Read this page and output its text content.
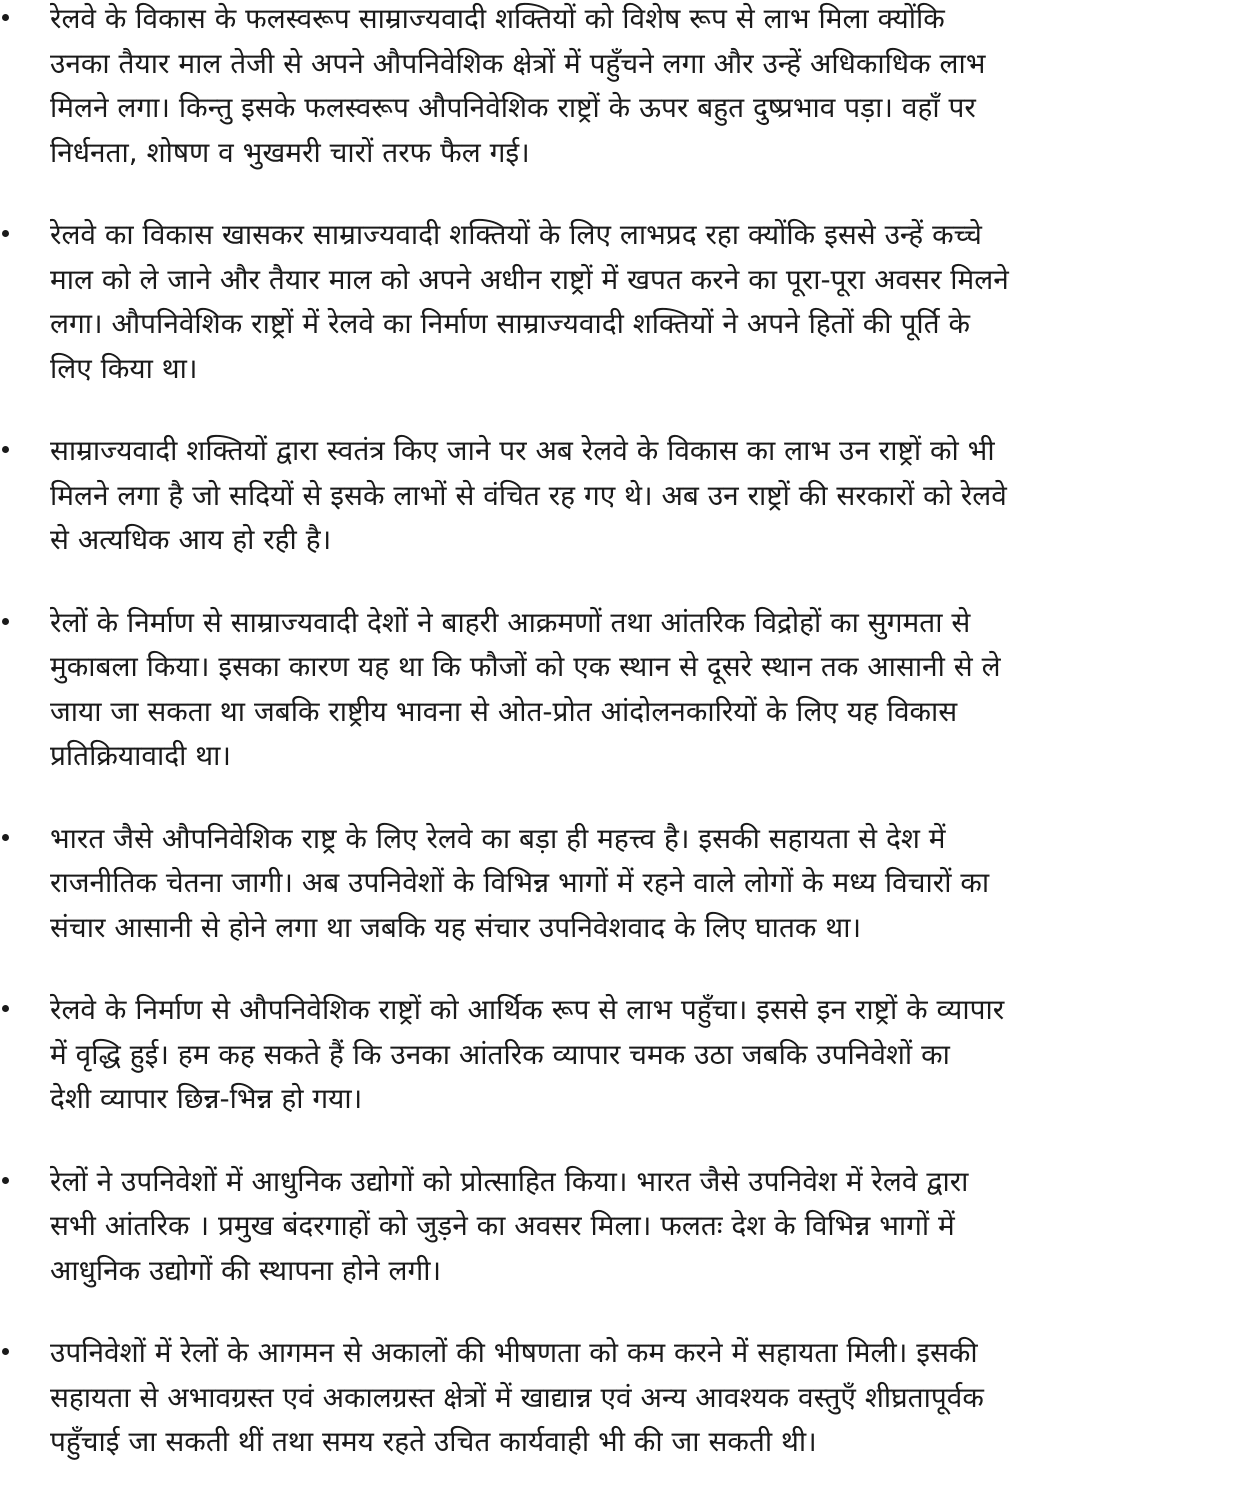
रेलवे के विकास के फलस्वरूप साम्राज्यवादी शक्तियों को विशेष रूप से लाभ मिला क्योंकि
उनका तैयार माल तेजी से अपने औपनिवेशिक क्षेत्रों में पहुँचने लगा और उन्हें अधिकाधिक लाभ
मिलने लगा। किन्तु इसके फलस्वरूप औपनिवेशिक राष्ट्रों के ऊपर बहुत दुष्प्रभाव पड़ा। वहाँ पर
निर्धनता, शोषण व भुखमरी चारों तरफ फैल गई।
रेलवे का विकास खासकर साम्राज्यवादी शक्तियों के लिए लाभप्रद रहा क्योंकि इससे उन्हें कच्चे
माल को ले जाने और तैयार माल को अपने अधीन राष्ट्रों में खपत करने का पूरा-पूरा अवसर मिलने
लगा। औपनिवेशिक राष्ट्रों में रेलवे का निर्माण साम्राज्यवादी शक्तियों ने अपने हितों की पूर्ति के
लिए किया था।
साम्राज्यवादी शक्तियों द्वारा स्वतंत्र किए जाने पर अब रेलवे के विकास का लाभ उन राष्ट्रों को भी
मिलने लगा है जो सदियों से इसके लाभों से वंचित रह गए थे। अब उन राष्ट्रों की सरकारों को रेलवे
से अत्यधिक आय हो रही है।
रेलों के निर्माण से साम्राज्यवादी देशों ने बाहरी आक्रमणों तथा आंतरिक विद्रोहों का सुगमता से
मुकाबला किया। इसका कारण यह था कि फौजों को एक स्थान से दूसरे स्थान तक आसानी से ले
जाया जा सकता था जबकि राष्ट्रीय भावना से ओत-प्रोत आंदोलनकारियों के लिए यह विकास
प्रतिक्रियावादी था।
भारत जैसे औपनिवेशिक राष्ट्र के लिए रेलवे का बड़ा ही महत्त्व है। इसकी सहायता से देश में
राजनीतिक चेतना जागी। अब उपनिवेशों के विभिन्न भागों में रहने वाले लोगों के मध्य विचारों का
संचार आसानी से होने लगा था जबकि यह संचार उपनिवेशवाद के लिए घातक था।
रेलवे के निर्माण से औपनिवेशिक राष्ट्रों को आर्थिक रूप से लाभ पहुँचा। इससे इन राष्ट्रों के व्यापार
में वृद्धि हुई। हम कह सकते हैं कि उनका आंतरिक व्यापार चमक उठा जबकि उपनिवेशों का
देशी व्यापार छिन्न-भिन्न हो गया।
रेलों ने उपनिवेशों में आधुनिक उद्योगों को प्रोत्साहित किया। भारत जैसे उपनिवेश में रेलवे द्वारा
सभी आंतरिक । प्रमुख बंदरगाहों को जुड़ने का अवसर मिला। फलतः देश के विभिन्न भागों में
आधुनिक उद्योगों की स्थापना होने लगी।
उपनिवेशों में रेलों के आगमन से अकालों की भीषणता को कम करने में सहायता मिली। इसकी
सहायता से अभावग्रस्त एवं अकालग्रस्त क्षेत्रों में खाद्यान्न एवं अन्य आवश्यक वस्तुएँ शीघ्रतापूर्वक
पहुँचाई जा सकती थीं तथा समय रहते उचित कार्यवाही भी की जा सकती थी।
